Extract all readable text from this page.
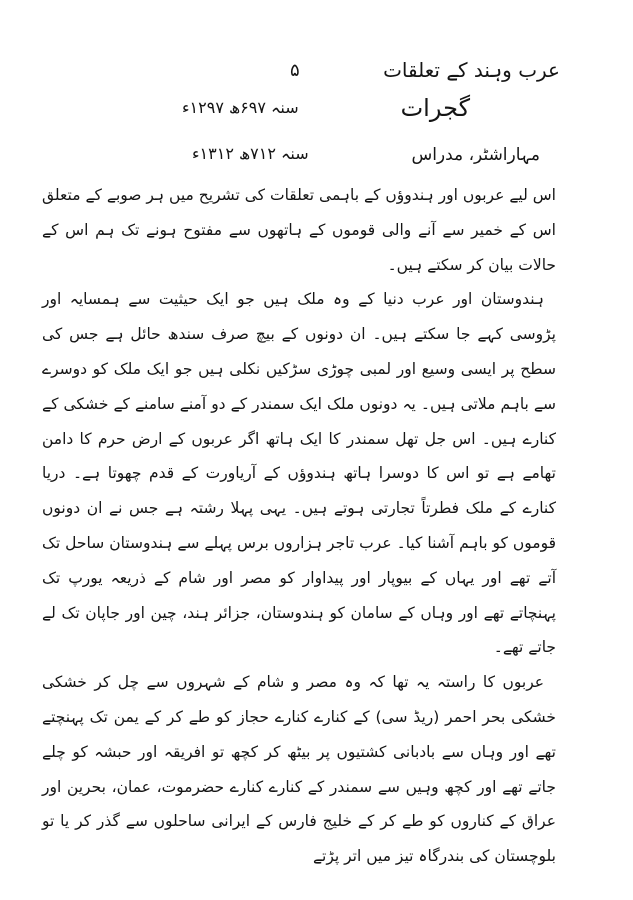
عرب وہند کے تعلقات
۵
گجرات
سنہ ۶۹۷ھ ۱۲۹۷ء
مہاراشٹر، مدراس
سنہ ۷۱۲ھ ۱۳۱۲ء

اس لیے عربوں اور ہندوؤں کے باہمی تعلقات کی تشریح میں ہر صوبے کے متعلق اس کے خمیر سے آنے والی قوموں کے ہاتھوں سے مفتوح ہونے تک ہم اس کے حالات بیان کر سکتے ہیں۔

ہندوستان اور عرب دنیا کے وہ ملک ہیں جو ایک حیثیت سے ہمسایہ اور پڑوسی کہے جا سکتے ہیں۔ ان دونوں کے بیچ صرف سندھ حائل ہے جس کی سطح پر ایسی وسیع اور لمبی چوڑی سڑکیں نکلی ہیں جو ایک ملک کو دوسرے سے باہم ملاتی ہیں۔ یہ دونوں ملک ایک سمندر کے دو آمنے سامنے کے خشکی کے کنارے ہیں۔ اس جل تھل سمندر کا ایک ہاتھ اگر عربوں کے ارض حرم کا دامن تھامے ہے تو اس کا دوسرا ہاتھ ہندوؤں کے آریاورت کے قدم چھوتا ہے۔ دریا کنارے کے ملک فطرتاً تجارتی ہوتے ہیں۔ یہی پہلا رشتہ ہے جس نے ان دونوں قوموں کو باہم آشنا کیا۔ عرب تاجر ہزاروں برس پہلے سے ہندوستان ساحل تک آتے تھے اور یہاں کے بیوپار اور پیداوار کو مصر اور شام کے ذریعہ یورپ تک پہنچاتے تھے اور وہاں کے سامان کو ہندوستان، جزائر ہند، چین اور جاپان تک لے جاتے تھے۔

عربوں کا راستہ یہ تھا کہ وہ مصر و شام کے شہروں سے چل کر خشکی خشکی بحر احمر (ریڈ سی) کے کنارے کنارے حجاز کو طے کر کے یمن تک پہنچتے تھے اور وہاں سے بادبانی کشتیوں پر بیٹھ کر کچھ تو افریقہ اور حبشہ کو چلے جاتے تھے اور کچھ وہیں سے سمندر کے کنارے کنارے حضرموت، عمان، بحرین اور عراق کے کناروں کو طے کر کے خلیج فارس کے ایرانی ساحلوں سے گذر کر یا تو بلوچستان کی بندرگاہ تیز میں اتر پڑتے
